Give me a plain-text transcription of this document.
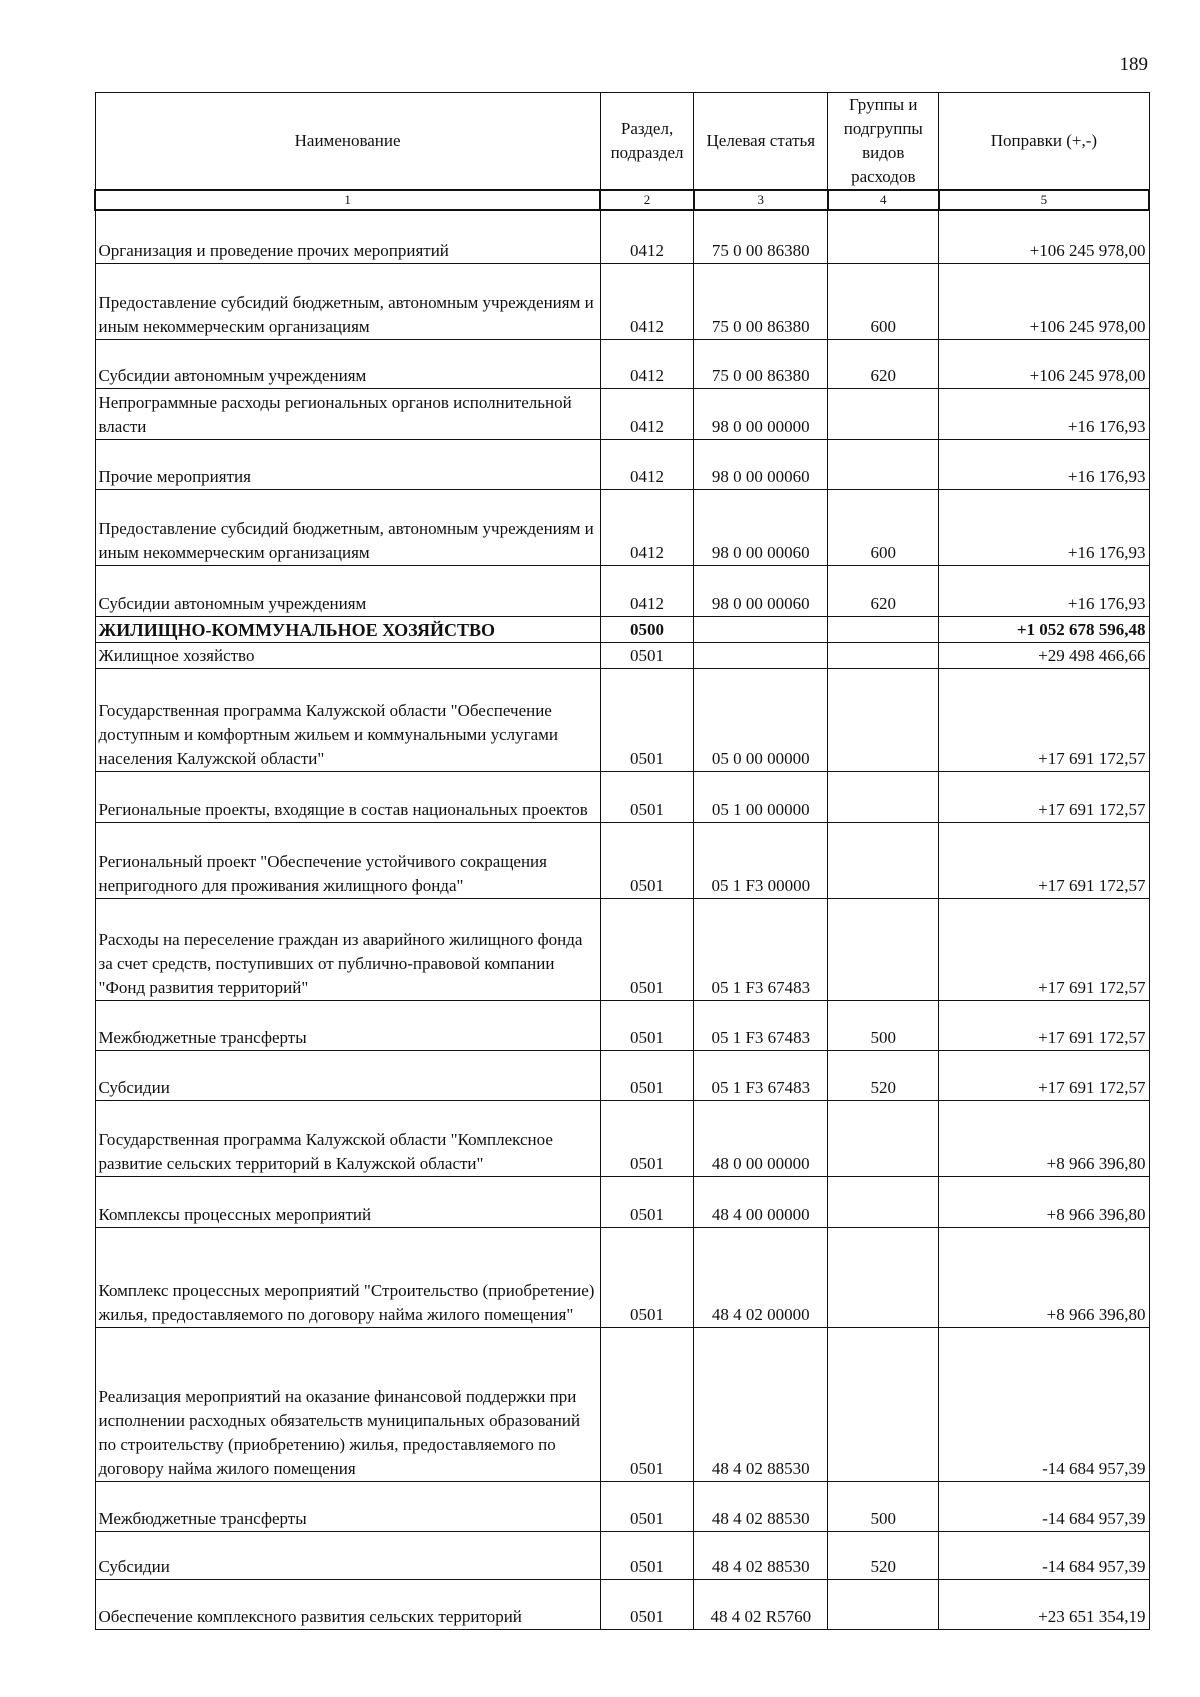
189
Наименование	Раздел, подраздел	Целевая статья	Группы и подгруппы видов расходов	Поправки (+,-)
1	2	3	4	5
Организация и проведение прочих мероприятий	0412	75 0 00 86380		+106 245 978,00
Предоставление субсидий бюджетным, автономным учреждениям и иным некоммерческим организациям	0412	75 0 00 86380	600	+106 245 978,00
Субсидии автономным учреждениям	0412	75 0 00 86380	620	+106 245 978,00
Непрограммные расходы региональных органов исполнительной власти	0412	98 0 00 00000		+16 176,93
Прочие мероприятия	0412	98 0 00 00060		+16 176,93
Предоставление субсидий бюджетным, автономным учреждениям и иным некоммерческим организациям	0412	98 0 00 00060	600	+16 176,93
Субсидии автономным учреждениям	0412	98 0 00 00060	620	+16 176,93
ЖИЛИЩНО-КОММУНАЛЬНОЕ ХОЗЯЙСТВО	0500			+1 052 678 596,48
Жилищное хозяйство	0501			+29 498 466,66
Государственная программа Калужской области "Обеспечение доступным и комфортным жильем и коммунальными услугами населения Калужской области"	0501	05 0 00 00000		+17 691 172,57
Региональные проекты, входящие в состав национальных проектов	0501	05 1 00 00000		+17 691 172,57
Региональный проект "Обеспечение устойчивого сокращения непригодного для проживания жилищного фонда"	0501	05 1 F3 00000		+17 691 172,57
Расходы на переселение граждан из аварийного жилищного фонда за счет средств, поступивших от публично-правовой компании "Фонд развития территорий"	0501	05 1 F3 67483		+17 691 172,57
Межбюджетные трансферты	0501	05 1 F3 67483	500	+17 691 172,57
Субсидии	0501	05 1 F3 67483	520	+17 691 172,57
Государственная программа Калужской области "Комплексное развитие сельских территорий в Калужской области"	0501	48 0 00 00000		+8 966 396,80
Комплексы процессных мероприятий	0501	48 4 00 00000		+8 966 396,80
Комплекс процессных мероприятий "Строительство (приобретение) жилья, предоставляемого по договору найма жилого помещения"	0501	48 4 02 00000		+8 966 396,80
Реализация мероприятий на оказание финансовой поддержки при исполнении расходных обязательств муниципальных образований по строительству (приобретению) жилья, предоставляемого по договору найма жилого помещения	0501	48 4 02 88530		-14 684 957,39
Межбюджетные трансферты	0501	48 4 02 88530	500	-14 684 957,39
Субсидии	0501	48 4 02 88530	520	-14 684 957,39
Обеспечение комплексного развития сельских территорий	0501	48 4 02 R5760		+23 651 354,19
